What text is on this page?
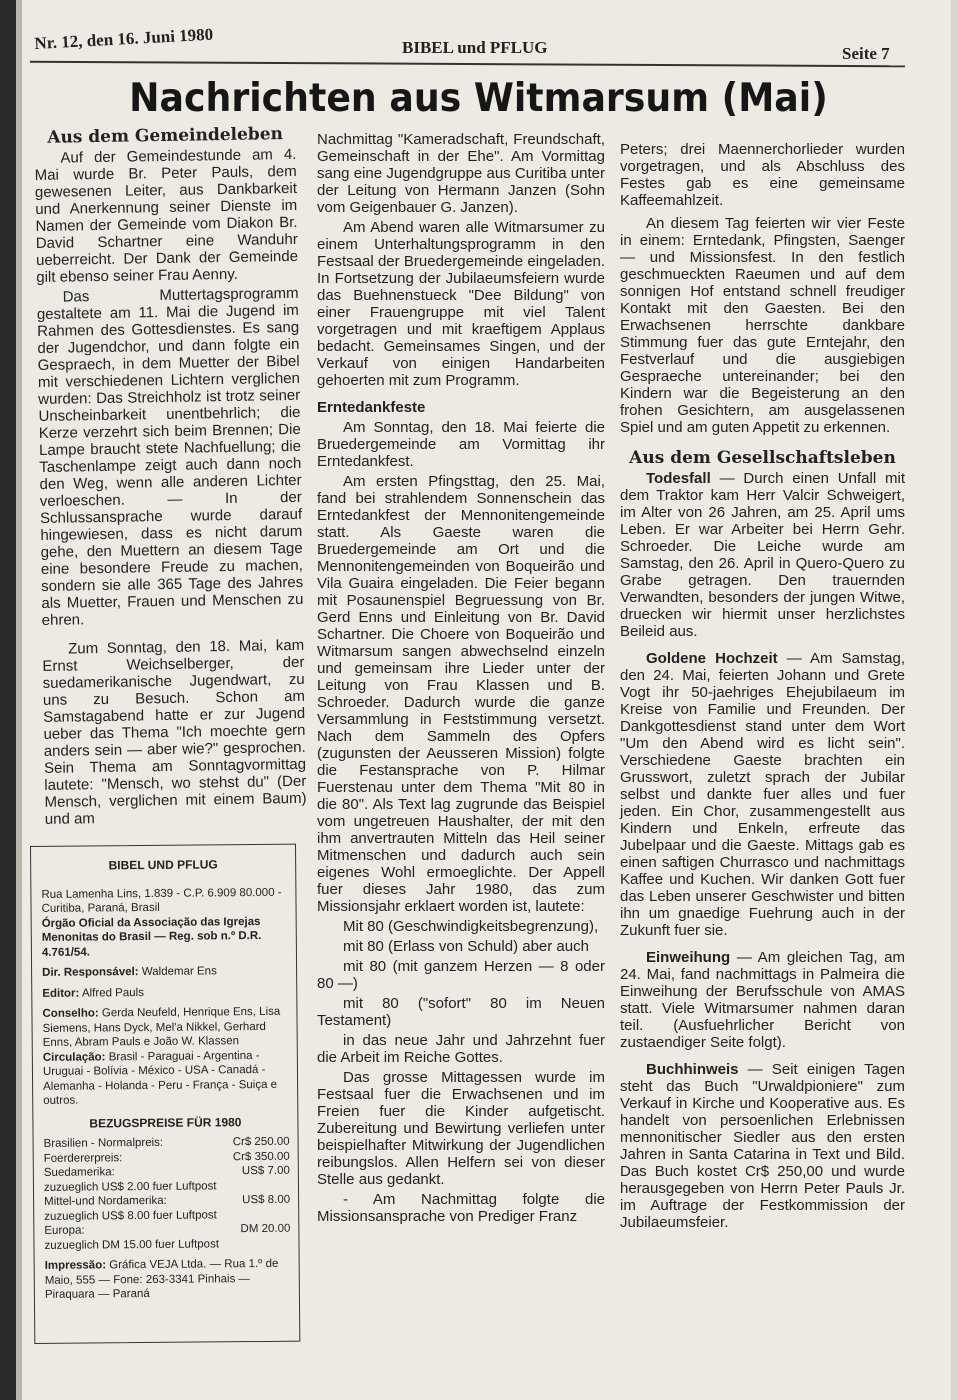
Nr. 12, den 16. Juni 1980	BIBEL und PFLUG	Seite 7
Nachrichten aus Witmarsum (Mai)

Aus dem Gemeindeleben

Auf der Gemeindestunde am 4. Mai wurde Br. Peter Pauls, dem gewesenen Leiter, aus Dankbarkeit und Anerkennung seiner Dienste im Namen der Gemeinde vom Diakon Br. David Schartner eine Wanduhr ueberreicht. Der Dank der Gemeinde gilt ebenso seiner Frau Aenny.

Das Muttertagsprogramm gestaltete am 11. Mai die Jugend im Rahmen des Gottesdienstes. Es sang der Jugendchor, und dann folgte ein Gespraech, in dem Muetter der Bibel mit verschiedenen Lichtern verglichen wurden: Das Streichholz ist trotz seiner Unscheinbarkeit unentbehrlich; die Kerze verzehrt sich beim Brennen; Die Lampe braucht stete Nachfuellung; die Taschenlampe zeigt auch dann noch den Weg, wenn alle anderen Lichter verloeschen. — In der Schlussansprache wurde darauf hingewiesen, dass es nicht darum gehe, den Muettern an diesem Tage eine besondere Freude zu machen, sondern sie alle 365 Tage des Jahres als Muetter, Frauen und Menschen zu ehren.

Zum Sonntag, den 18. Mai, kam Ernst Weichselberger, der suedamerikanische Jugendwart, zu uns zu Besuch. Schon am Samstagabend hatte er zur Jugend ueber das Thema "Ich moechte gern anders sein — aber wie?" gesprochen. Sein Thema am Sonntagvormittag lautete: "Mensch, wo stehst du" (Der Mensch, verglichen mit einem Baum) und am

BIBEL UND PFLUG
Rua Lamenha Lins, 1.839 - C.P. 6.909 80.000 - Curitiba, Paraná, Brasil
Órgão Oficial da Associação das Igrejas Menonitas do Brasil — Reg. sob n.º D.R. 4.761/54.
Dir. Responsável: Waldemar Ens
Editor: Alfred Pauls
Conselho: Gerda Neufeld, Henrique Ens, Lisa Siemens, Hans Dyck, Mel'a Nikkel, Gerhard Enns, Abram Pauls e João W. Klassen
Circulação: Brasil - Paraguai - Argentina - Uruguai - Bolívia - México - USA - Canadá - Alemanha - Holanda - Peru - França - Suiça e outros.
BEZUGSPREISE FÜR 1980
Brasilien - Normalpreis:	Cr$ 250.00
Foerdererpreis:	Cr$ 350.00
Suedamerika:	US$ 7.00
zuzueglich US$ 2.00 fuer Luftpost
Mittel-und Nordamerika:	US$ 8.00
zuzueglich US$ 8.00 fuer Luftpost
Europa:	DM 20.00
zuzueglich DM 15.00 fuer Luftpost
Impressão: Gráfica VEJA Ltda. — Rua 1.º de Maio, 555 — Fone: 263-3341 Pinhais — Piraquara — Paraná

Nachmittag "Kameradschaft, Freundschaft, Gemeinschaft in der Ehe". Am Vormittag sang eine Jugendgruppe aus Curitiba unter der Leitung von Hermann Janzen (Sohn vom Geigenbauer G. Janzen).

Am Abend waren alle Witmarsumer zu einem Unterhaltungsprogramm in den Festsaal der Bruedergemeinde eingeladen. In Fortsetzung der Jubilaeumsfeiern wurde das Buehnenstueck "Dee Bildung" von einer Frauengruppe mit viel Talent vorgetragen und mit kraeftigem Applaus bedacht. Gemeinsames Singen, und der Verkauf von einigen Handarbeiten gehoerten mit zum Programm.

Erntedankfeste

Am Sonntag, den 18. Mai feierte die Bruedergemeinde am Vormittag ihr Erntedankfest.

Am ersten Pfingsttag, den 25. Mai, fand bei strahlendem Sonnenschein das Erntedankfest der Mennonitengemeinde statt. Als Gaeste waren die Bruedergemeinde am Ort und die Mennonitengemeinden von Boqueirão und Vila Guaira eingeladen. Die Feier begann mit Posaunenspiel Begruessung von Br. Gerd Enns und Einleitung von Br. David Schartner. Die Choere von Boqueirão und Witmarsum sangen abwechselnd einzeln und gemeinsam ihre Lieder unter der Leitung von Frau Klassen und B. Schroeder. Dadurch wurde die ganze Versammlung in Feststimmung versetzt. Nach dem Sammeln des Opfers (zugunsten der Aeusseren Mission) folgte die Festansprache von P. Hilmar Fuerstenau unter dem Thema "Mit 80 in die 80". Als Text lag zugrunde das Beispiel vom ungetreuen Haushalter, der mit den ihm anvertrauten Mitteln das Heil seiner Mitmenschen und dadurch auch sein eigenes Wohl ermoeglichte. Der Appell fuer dieses Jahr 1980, das zum Missionsjahr erklaert worden ist, lautete:

Mit 80 (Geschwindigkeitsbegrenzung),

mit 80 (Erlass von Schuld) aber auch

mit 80 (mit ganzem Herzen — 8 oder 80 —)

mit 80 ("sofort" 80 im Neuen Testament)

in das neue Jahr und Jahrzehnt fuer die Arbeit im Reiche Gottes.

Das grosse Mittagessen wurde im Festsaal fuer die Erwachsenen und im Freien fuer die Kinder aufgetischt. Zubereitung und Bewirtung verliefen unter beispielhafter Mitwirkung der Jugendlichen reibungslos. Allen Helfern sei von dieser Stelle aus gedankt.

- Am Nachmittag folgte die Missionsansprache von Prediger Franz

Peters; drei Maennerchorlieder wurden vorgetragen, und als Abschluss des Festes gab es eine gemeinsame Kaffeemahlzeit.

An diesem Tag feierten wir vier Feste in einem: Erntedank, Pfingsten, Saenger — und Missionsfest. In den festlich geschmueckten Raeumen und auf dem sonnigen Hof entstand schnell freudiger Kontakt mit den Gaesten. Bei den Erwachsenen herrschte dankbare Stimmung fuer das gute Erntejahr, den Festverlauf und die ausgiebigen Gespraeche untereinander; bei den Kindern war die Begeisterung an den frohen Gesichtern, am ausgelassenen Spiel und am guten Appetit zu erkennen.

Aus dem Gesellschaftsleben

Todesfall — Durch einen Unfall mit dem Traktor kam Herr Valcir Schweigert, im Alter von 26 Jahren, am 25. April ums Leben. Er war Arbeiter bei Herrn Gehr. Schroeder. Die Leiche wurde am Samstag, den 26. April in Quero-Quero zu Grabe getragen. Den trauernden Verwandten, besonders der jungen Witwe, druecken wir hiermit unser herzlichstes Beileid aus.

Goldene Hochzeit — Am Samstag, den 24. Mai, feierten Johann und Grete Vogt ihr 50-jaehriges Ehejubilaeum im Kreise von Familie und Freunden. Der Dankgottesdienst stand unter dem Wort "Um den Abend wird es licht sein". Verschiedene Gaeste brachten ein Grusswort, zuletzt sprach der Jubilar selbst und dankte fuer alles und fuer jeden. Ein Chor, zusammengestellt aus Kindern und Enkeln, erfreute das Jubelpaar und die Gaeste. Mittags gab es einen saftigen Churrasco und nachmittags Kaffee und Kuchen. Wir danken Gott fuer das Leben unserer Geschwister und bitten ihn um gnaedige Fuehrung auch in der Zukunft fuer sie.

Einweihung — Am gleichen Tag, am 24. Mai, fand nachmittags in Palmeira die Einweihung der Berufsschule von AMAS statt. Viele Witmarsumer nahmen daran teil. (Ausfuehrlicher Bericht von zustaendiger Seite folgt).

Buchhinweis — Seit einigen Tagen steht das Buch "Urwaldpioniere" zum Verkauf in Kirche und Kooperative aus. Es handelt von persoenlichen Erlebnissen mennonitischer Siedler aus den ersten Jahren in Santa Catarina in Text und Bild. Das Buch kostet Cr$ 250,00 und wurde herausgegeben von Herrn Peter Pauls Jr. im Auftrage der Festkommission der Jubilaeumsfeier.
